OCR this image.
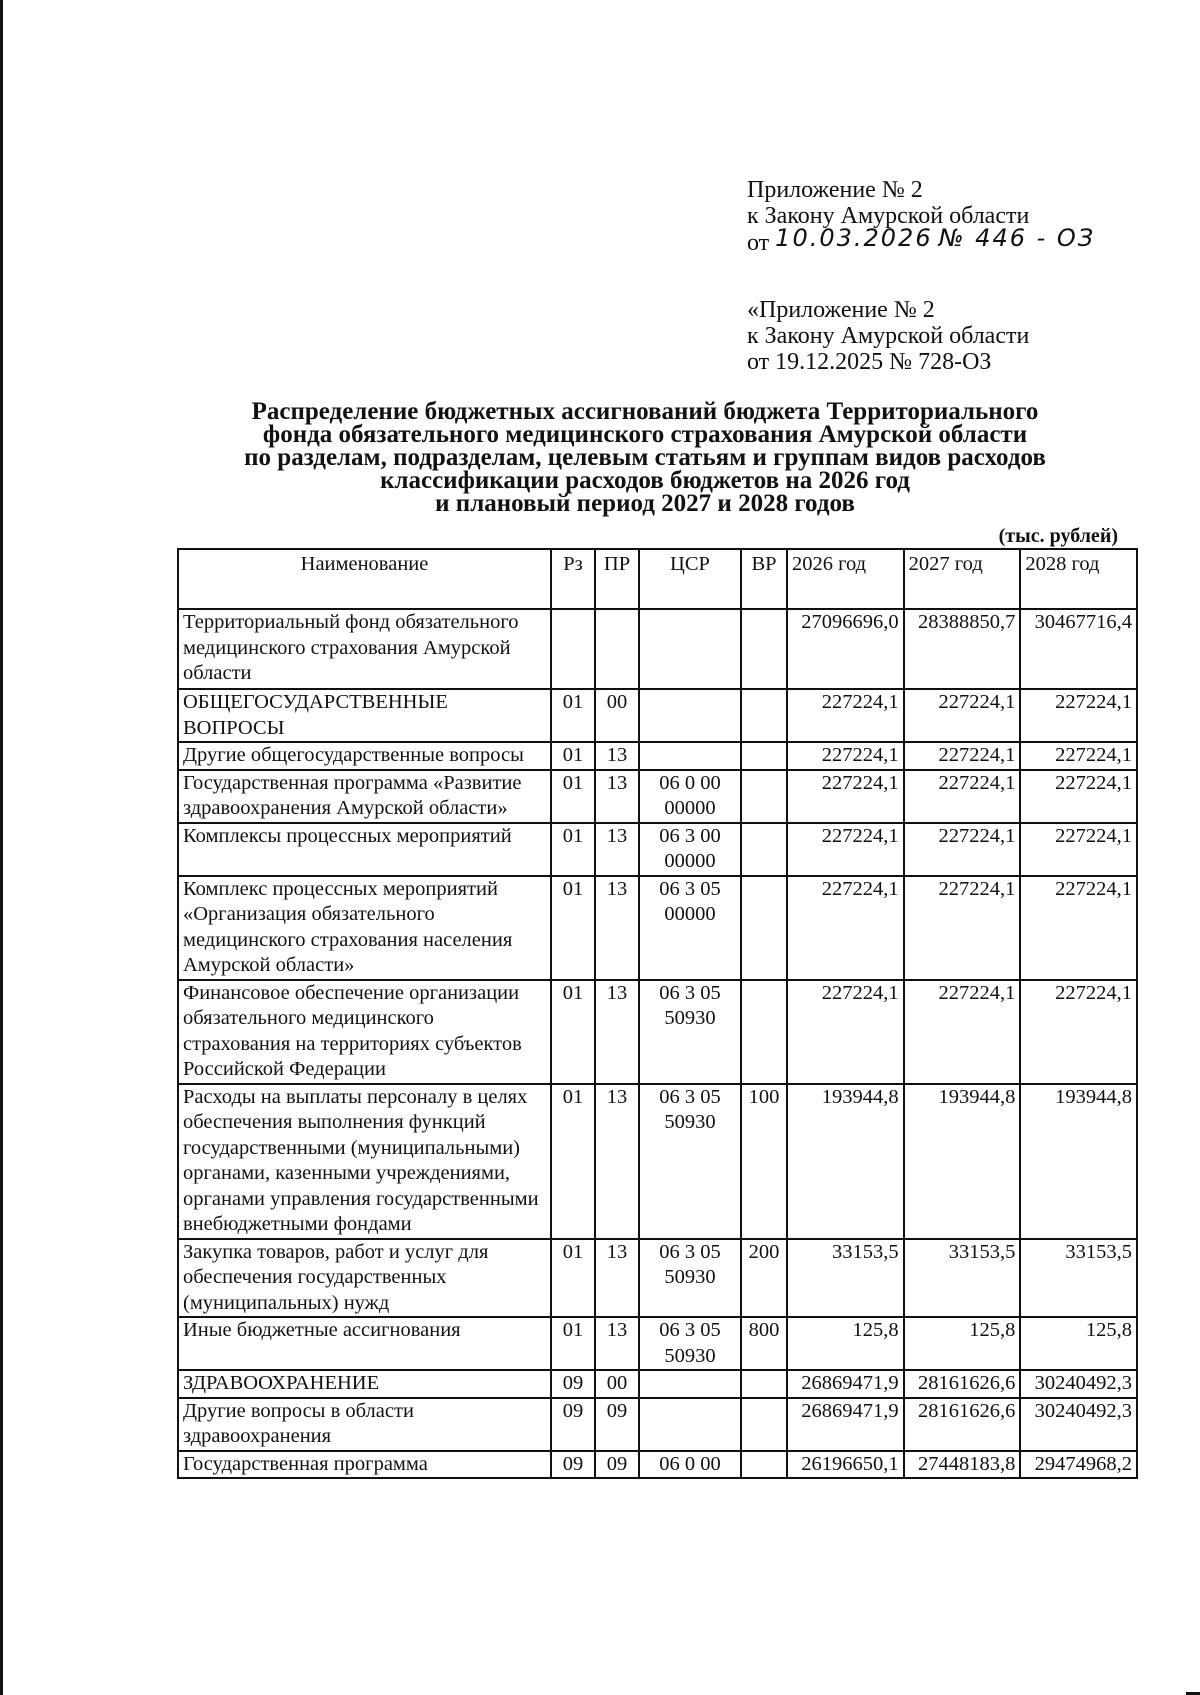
Приложение № 2
к Закону Амурской области
от 10.03.2026 № 446 - ОЗ
«Приложение № 2
к Закону Амурской области
от 19.12.2025 № 728-ОЗ
Распределение бюджетных ассигнований бюджета Территориального
фонда обязательного медицинского страхования Амурской области
по разделам, подразделам, целевым статьям и группам видов расходов
классификации расходов бюджетов на 2026 год
и плановый период 2027 и 2028 годов
(тыс. рублей)
Наименование	Рз	ПР	ЦСР	ВР	2026 год	2027 год	2028 год
Территориальный фонд обязательного медицинского страхования Амурской области					27096696,0	28388850,7	30467716,4
ОБЩЕГОСУДАРСТВЕННЫЕ ВОПРОСЫ	01	00			227224,1	227224,1	227224,1
Другие общегосударственные вопросы	01	13			227224,1	227224,1	227224,1
Государственная программа «Развитие здравоохранения Амурской области»	01	13	06 0 00 00000		227224,1	227224,1	227224,1
Комплексы процессных мероприятий	01	13	06 3 00 00000		227224,1	227224,1	227224,1
Комплекс процессных мероприятий «Организация обязательного медицинского страхования населения Амурской области»	01	13	06 3 05 00000		227224,1	227224,1	227224,1
Финансовое обеспечение организации обязательного медицинского страхования на территориях субъектов Российской Федерации	01	13	06 3 05 50930		227224,1	227224,1	227224,1
Расходы на выплаты персоналу в целях обеспечения выполнения функций государственными (муниципальными) органами, казенными учреждениями, органами управления государственными внебюджетными фондами	01	13	06 3 05 50930	100	193944,8	193944,8	193944,8
Закупка товаров, работ и услуг для обеспечения государственных (муниципальных) нужд	01	13	06 3 05 50930	200	33153,5	33153,5	33153,5
Иные бюджетные ассигнования	01	13	06 3 05 50930	800	125,8	125,8	125,8
ЗДРАВООХРАНЕНИЕ	09	00			26869471,9	28161626,6	30240492,3
Другие вопросы в области здравоохранения	09	09			26869471,9	28161626,6	30240492,3
Государственная программа	09	09	06 0 00		26196650,1	27448183,8	29474968,2
